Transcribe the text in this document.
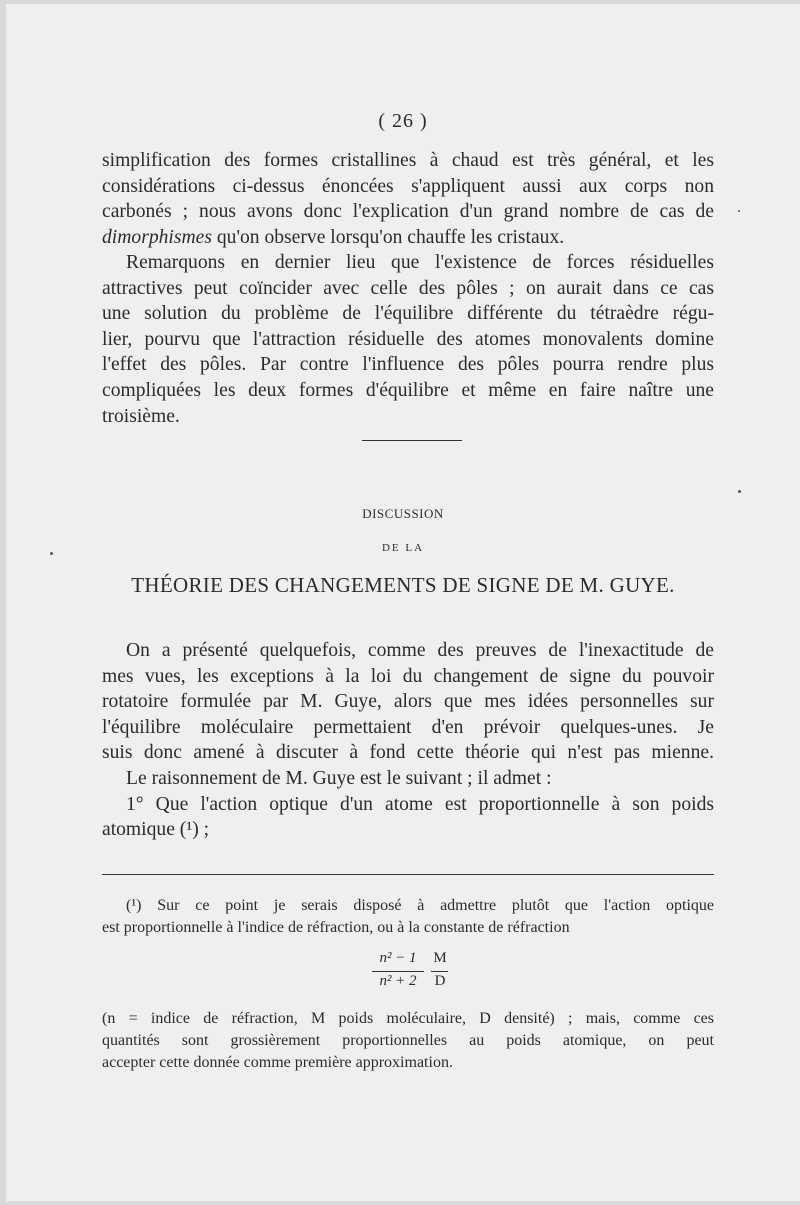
( 26 )
simplification des formes cristallines à chaud est très général, et les
considérations ci-dessus énoncées s'appliquent aussi aux corps non
carbonés ; nous avons donc l'explication d'un grand nombre de cas de
dimorphismes qu'on observe lorsqu'on chauffe les cristaux.
Remarquons en dernier lieu que l'existence de forces résiduelles
attractives peut coïncider avec celle des pôles ; on aurait dans ce cas
une solution du problème de l'équilibre différente du tétraèdre régu-
lier, pourvu que l'attraction résiduelle des atomes monovalents domine
l'effet des pôles. Par contre l'influence des pôles pourra rendre plus
compliquées les deux formes d'équilibre et même en faire naître une
troisième.
DISCUSSION
DE LA
THÉORIE DES CHANGEMENTS DE SIGNE DE M. GUYE.
On a présenté quelquefois, comme des preuves de l'inexactitude de
mes vues, les exceptions à la loi du changement de signe du pouvoir
rotatoire formulée par M. Guye, alors que mes idées personnelles sur
l'équilibre moléculaire permettaient d'en prévoir quelques-unes. Je
suis donc amené à discuter à fond cette théorie qui n'est pas mienne.
Le raisonnement de M. Guye est le suivant ; il admet :
1° Que l'action optique d'un atome est proportionnelle à son poids
atomique (¹) ;
(¹) Sur ce point je serais disposé à admettre plutôt que l'action optique
est proportionnelle à l'indice de réfraction, ou à la constante de réfraction
n² − 1
n² + 2
M
D
(n = indice de réfraction, M poids moléculaire, D densité) ; mais, comme ces
quantités sont grossièrement proportionnelles au poids atomique, on peut
accepter cette donnée comme première approximation.
